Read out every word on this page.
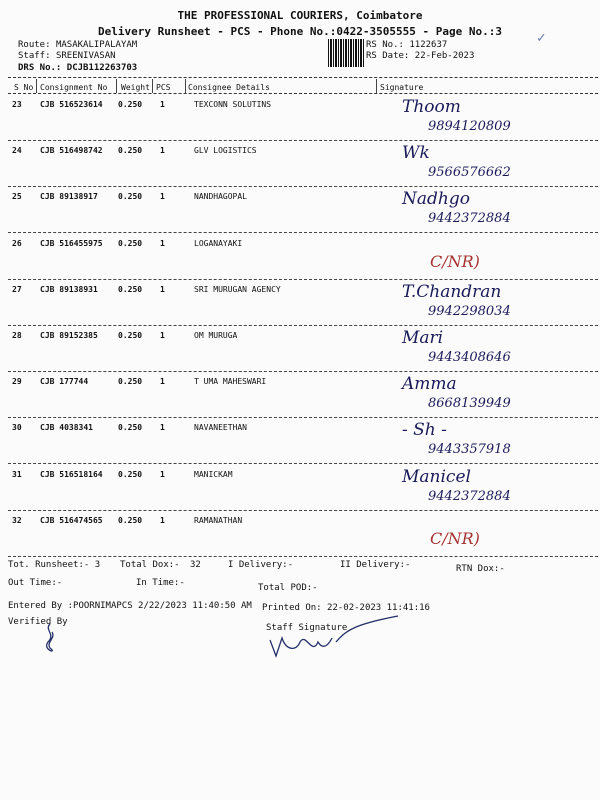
THE PROFESSIONAL COURIERS, Coimbatore
Delivery Runsheet - PCS - Phone No.:0422-3505555 - Page No.:3	✓
Route: MASAKALIPALAYAM
Staff: SREENIVASAN
DRS No.: DCJB112263703
RS No.: 1122637
RS Date: 22-Feb-2023
S No Consignment No Weight PCS Consignee Details	Signature
23 CJB 516523614 0.250 1	TEXCONN SOLUTINS	Thoom
9894120809
24 CJB 516498742 0.250 1	GLV LOGISTICS	Wk
9566576662
25 CJB 89138917	0.250 1	NANDHAGOPAL	Nadhgo
9442372884
26 CJB 516455975 0.250 1	LOGANAYAKI
C/NR)
27 CJB 89138931	0.250 1	SRI MURUGAN AGENCY	T.Chandran
9942298034
28 CJB 89152385	0.250 1	OM MURUGA	Mari
9443408646
29 CJB 177744	0.250 1	T UMA MAHESWARI	Amma
8668139949
30 CJB 4038341	0.250 1	NAVANEETHAN	- Sh -
9443357918
31 CJB 516518164 0.250 1	MANICKAM	Manicel
9442372884
32 CJB 516474565 0.250 1	RAMANATHAN
C/NR)
Tot. Runsheet:- 3 Total Dox:- 32	I Delivery:-	II Delivery:-	RTN Dox:-
Out Time:-	In Time:-	Total POD:-
Entered By :POORNIMAPCS 2/22/2023 11:40:50 AM Printed On: 22-02-2023 11:41:16
Verified By
Staff Signature
